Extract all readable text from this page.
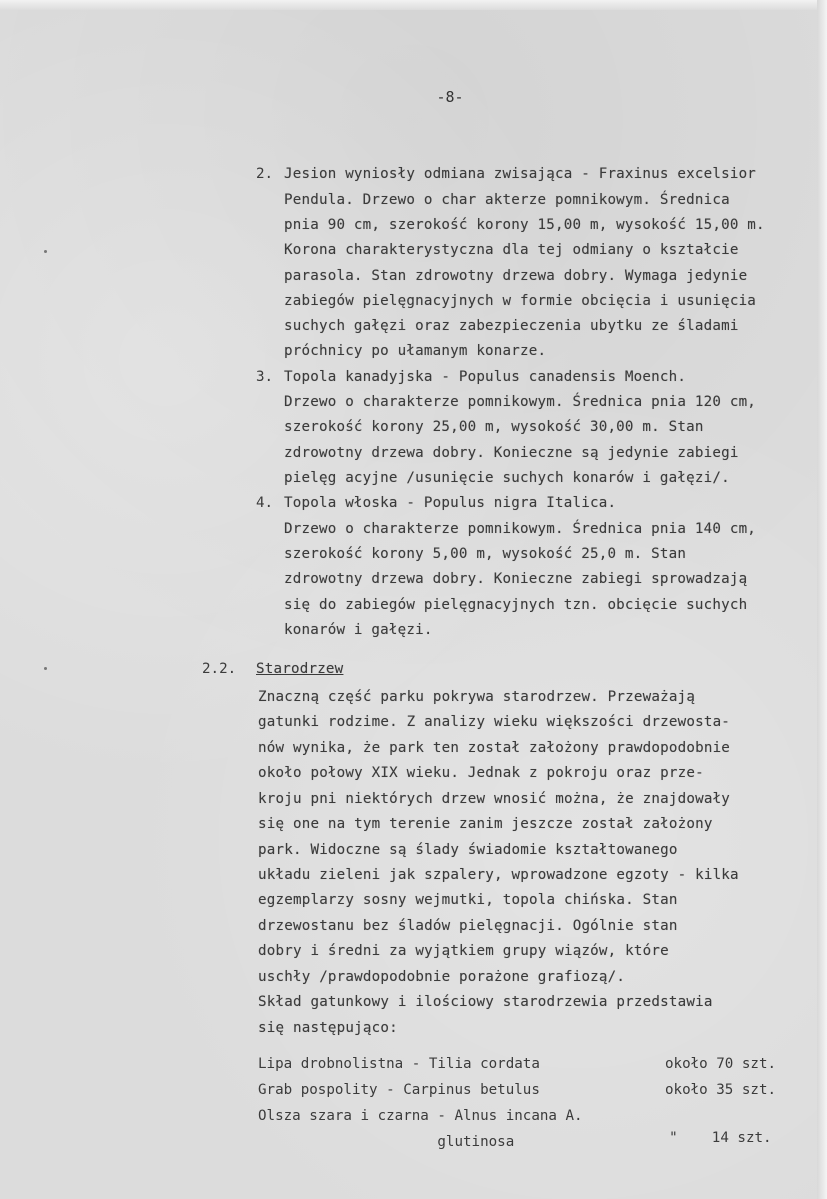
-8-
2. Jesion wyniosły odmiana zwisająca - Fraxinus excelsior
Pendula. Drzewo o char akterze pomnikowym. Średnica
pnia 90 cm, szerokość korony 15,00 m, wysokość 15,00 m.
Korona charakterystyczna dla tej odmiany o kształcie
parasola. Stan zdrowotny drzewa dobry. Wymaga jedynie
zabiegów pielęgnacyjnych w formie obcięcia i usunięcia
suchych gałęzi oraz zabezpieczenia ubytku ze śladami
próchnicy po ułamanym konarze.
3. Topola kanadyjska - Populus canadensis Moench.
Drzewo o charakterze pomnikowym. Średnica pnia 120 cm,
szerokość korony 25,00 m, wysokość 30,00 m. Stan
zdrowotny drzewa dobry. Konieczne są jedynie zabiegi
pielęg acyjne /usunięcie suchych konarów i gałęzi/.
4. Topola włoska - Populus nigra Italica.
Drzewo o charakterze pomnikowym. Średnica pnia 140 cm,
szerokość korony 5,00 m, wysokość 25,0 m. Stan
zdrowotny drzewa dobry. Konieczne zabiegi sprowadzają
się do zabiegów pielęgnacyjnych tzn. obcięcie suchych
konarów i gałęzi.
2.2. Starodrzew
Znaczną część parku pokrywa starodrzew. Przeważają
gatunki rodzime. Z analizy wieku większości drzewosta-
nów wynika, że park ten został założony prawdopodobnie
około połowy XIX wieku. Jednak z pokroju oraz prze-
kroju pni niektórych drzew wnosić można, że znajdowały
się one na tym terenie zanim jeszcze został założony
park. Widoczne są ślady świadomie kształtowanego
układu zieleni jak szpalery, wprowadzone egzoty - kilka
egzemplarzy sosny wejmutki, topola chińska. Stan
drzewostanu bez śladów pielęgnacji. Ogólnie stan
dobry i średni za wyjątkiem grupy wiązów, które
uschły /prawdopodobnie porażone grafiozą/.
Skład gatunkowy i ilościowy starodrzewia przedstawia
się następująco:
Lipa drobnolistna - Tilia cordata	około 70 szt.
Grab pospolity - Carpinus betulus	około 35 szt.
Olsza szara i czarna - Alnus incana A.
glutinosa	"    14 szt.
